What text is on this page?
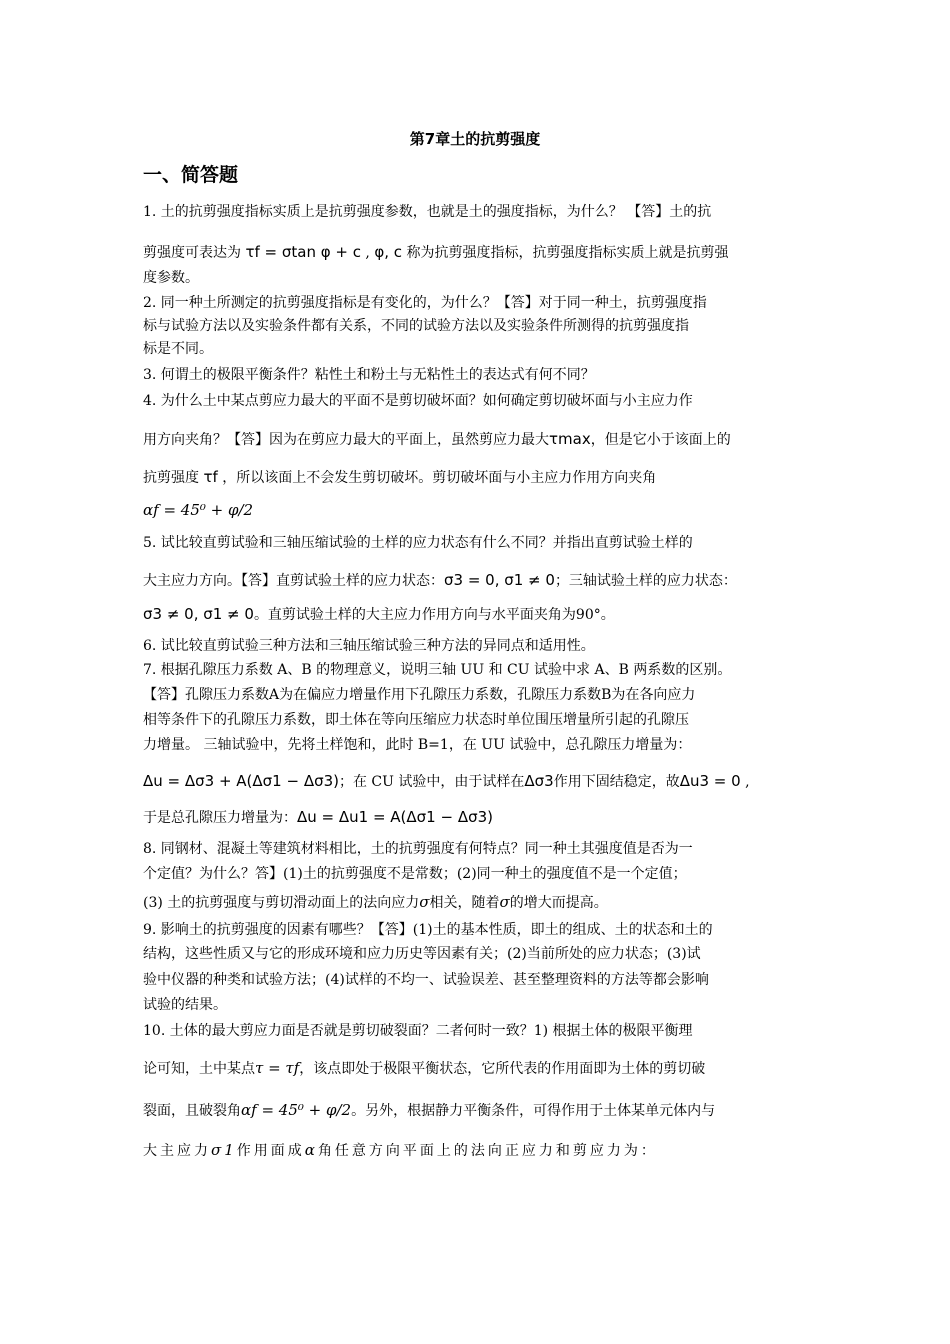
第7章土的抗剪强度
一、简答题
1. 土的抗剪强度指标实质上是抗剪强度参数，也就是土的强度指标，为什么？ 【答】土的抗
剪强度可表达为 τf = σtan φ + c , φ, c 称为抗剪强度指标，抗剪强度指标实质上就是抗剪强
度参数。
2. 同一种土所测定的抗剪强度指标是有变化的，为什么？【答】对于同一种土，抗剪强度指
标与试验方法以及实验条件都有关系，不同的试验方法以及实验条件所测得的抗剪强度指
标是不同。
3. 何谓土的极限平衡条件？粘性土和粉土与无粘性土的表达式有何不同？
4. 为什么土中某点剪应力最大的平面不是剪切破坏面？如何确定剪切破坏面与小主应力作
用方向夹角？【答】因为在剪应力最大的平面上，虽然剪应力最大τmax，但是它小于该面上的
抗剪强度 τf ，所以该面上不会发生剪切破坏。剪切破坏面与小主应力作用方向夹角
αf = 45⁰ + φ/2
5. 试比较直剪试验和三轴压缩试验的土样的应力状态有什么不同？并指出直剪试验土样的
大主应力方向。【答】直剪试验土样的应力状态：σ3 = 0, σ1 ≠ 0；三轴试验土样的应力状态：
σ3 ≠ 0, σ1 ≠ 0。直剪试验土样的大主应力作用方向与水平面夹角为90°。
6. 试比较直剪试验三种方法和三轴压缩试验三种方法的异同点和适用性。
7. 根据孔隙压力系数 A、B 的物理意义，说明三轴 UU 和 CU 试验中求 A、B 两系数的区别。
【答】孔隙压力系数A为在偏应力增量作用下孔隙压力系数，孔隙压力系数B为在各向应力
相等条件下的孔隙压力系数，即土体在等向压缩应力状态时单位围压增量所引起的孔隙压
力增量。 三轴试验中，先将土样饱和，此时 B=1，在 UU 试验中，总孔隙压力增量为：
Δu = Δσ3 + A(Δσ1 − Δσ3)；在 CU 试验中，由于试样在Δσ3作用下固结稳定，故Δu3 = 0 ,
于是总孔隙压力增量为：Δu = Δu1 = A(Δσ1 − Δσ3)
8. 同钢材、混凝土等建筑材料相比，土的抗剪强度有何特点？同一种土其强度值是否为一
个定值？为什么？答】(1)土的抗剪强度不是常数；(2)同一种土的强度值不是一个定值；
(3) 土的抗剪强度与剪切滑动面上的法向应力σ相关，随着σ的增大而提高。
9. 影响土的抗剪强度的因素有哪些？【答】(1)土的基本性质，即土的组成、土的状态和土的
结构，这些性质又与它的形成环境和应力历史等因素有关；(2)当前所处的应力状态；(3)试
验中仪器的种类和试验方法；(4)试样的不均一、试验误差、甚至整理资料的方法等都会影响
试验的结果。
10. 土体的最大剪应力面是否就是剪切破裂面？二者何时一致？1) 根据土体的极限平衡理
论可知，土中某点τ = τf，该点即处于极限平衡状态，它所代表的作用面即为土体的剪切破
裂面，且破裂角αf = 45⁰ + φ/2。另外，根据静力平衡条件，可得作用于土体某单元体内与
大主应力σ1作用面成α角任意方向平面上的法向正应力和剪应力为：
